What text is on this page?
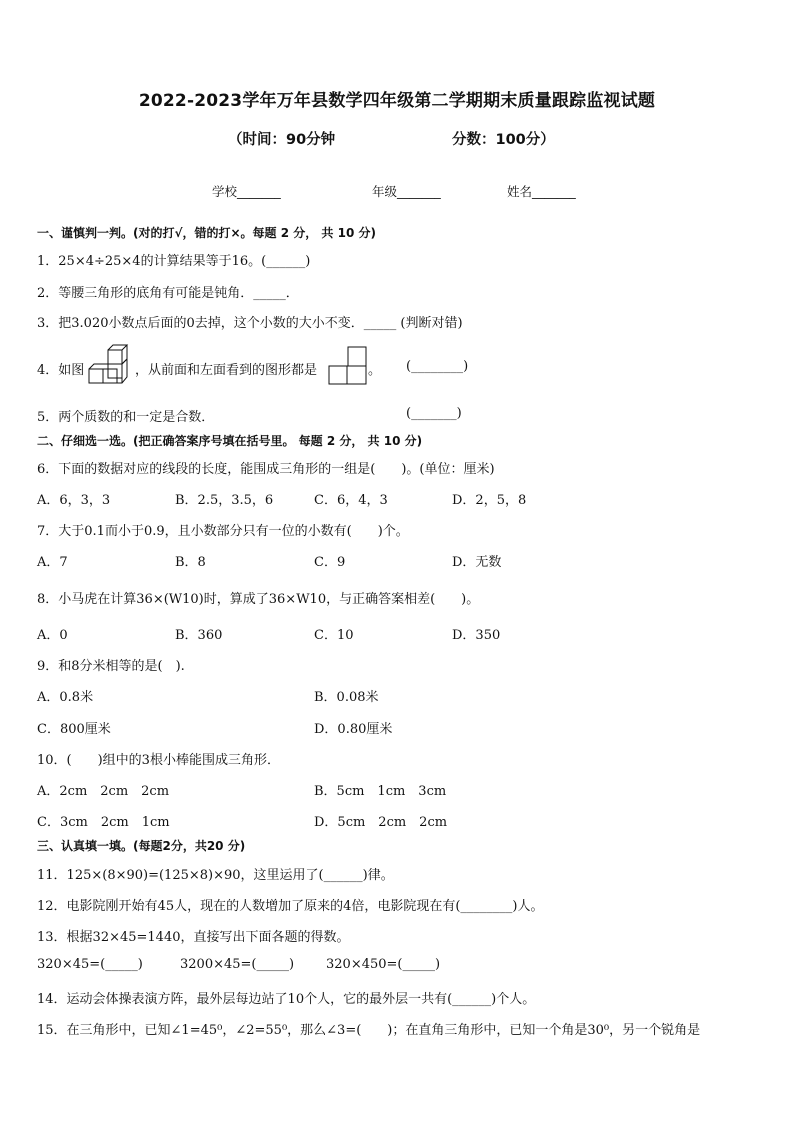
2022-2023学年万年县数学四年级第二学期期末质量跟踪监视试题
（时间：90分钟	分数：100分）
学校_______	年级_______	姓名_______
一、谨慎判一判。(对的打√，错的打×。每题 2 分， 共 10 分)
1．25×4÷25×4的计算结果等于16。(______)
2．等腰三角形的底角有可能是钝角．_____．
3．把3.020小数点后面的0去掉，这个小数的大小不变．_____ (判断对错)
4．如图	，从前面和左面看到的图形都是	。 (________)
5．两个质数的和一定是合数．	(_______)
二、仔细选一选。(把正确答案序号填在括号里。 每题 2 分， 共 10 分)
6．下面的数据对应的线段的长度，能围成三角形的一组是(　　)。(单位：厘米)
A．6，3，3	B．2.5，3.5，6	C．6，4，3	D．2，5，8
7．大于0.1而小于0.9，且小数部分只有一位的小数有(　　)个。
A．7	B．8	C．9	D．无数
8．小马虎在计算36×(W10)时，算成了36×W10，与正确答案相差(　　)。
A．0	B．360	C．10	D．350
9．和8分米相等的是(　).
A．0.8米	B．0.08米
C．800厘米	D．0.80厘米
10．(　　)组中的3根小棒能围成三角形．
A．2cm　2cm　2cm	B．5cm　1cm　3cm
C．3cm　2cm　1cm	D．5cm　2cm　2cm
三、认真填一填。(每题2分，共20 分)
11．125×(8×90)=(125×8)×90，这里运用了(______)律。
12．电影院刚开始有45人，现在的人数增加了原来的4倍，电影院现在有(________)人。
13．根据32×45=1440，直接写出下面各题的得数。
320×45=(_____)	3200×45=(_____) 320×450=(_____)
14．运动会体操表演方阵，最外层每边站了10个人，它的最外层一共有(______)个人。
15．在三角形中，已知∠1=45⁰，∠2=55⁰，那么∠3=(　　)；在直角三角形中，已知一个角是30⁰，另一个锐角是
